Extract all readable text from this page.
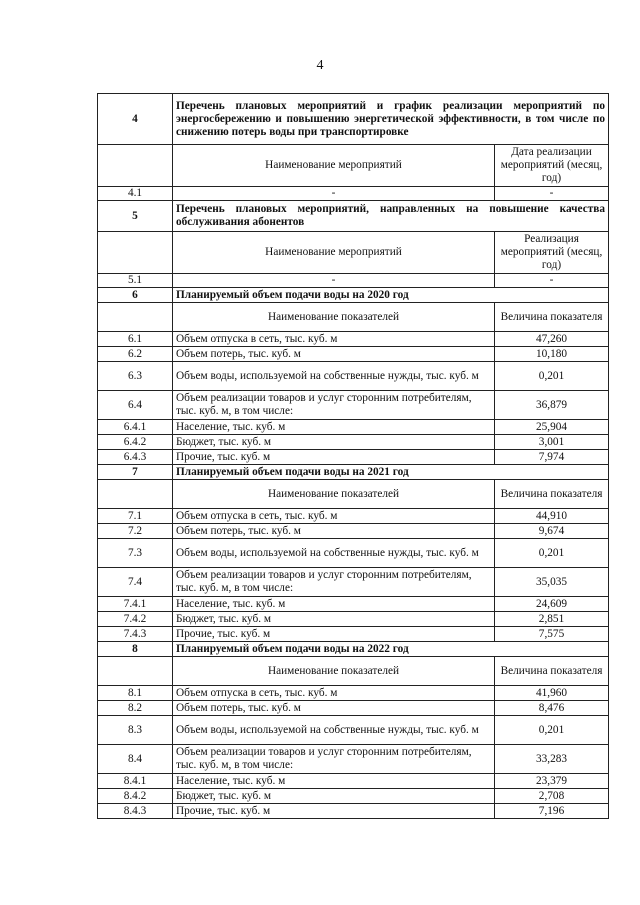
4
4	Перечень плановых мероприятий и график реализации мероприятий по энергосбережению и повышению энергетической эффективности, в том числе по снижению потерь воды при транспортировке	
	Наименование мероприятий	Дата реализации мероприятий (месяц, год)
4.1	-	-
5	Перечень плановых мероприятий, направленных на повышение качества обслуживания абонентов	
	Наименование мероприятий	Реализация мероприятий (месяц, год)
5.1	-	-
6	Планируемый объем подачи воды на 2020 год	
	Наименование показателей	Величина показателя
6.1	Объем отпуска в сеть, тыс. куб. м	47,260
6.2	Объем потерь, тыс. куб. м	10,180
6.3	Объем воды, используемой на собственные нужды, тыс. куб. м	0,201
6.4	Объем реализации товаров и услуг сторонним потребителям, тыс. куб. м, в том числе:	36,879
6.4.1	Население, тыс. куб. м	25,904
6.4.2	Бюджет, тыс. куб. м	3,001
6.4.3	Прочие, тыс. куб. м	7,974
7	Планируемый объем подачи воды на 2021 год	
	Наименование показателей	Величина показателя
7.1	Объем отпуска в сеть, тыс. куб. м	44,910
7.2	Объем потерь, тыс. куб. м	9,674
7.3	Объем воды, используемой на собственные нужды, тыс. куб. м	0,201
7.4	Объем реализации товаров и услуг сторонним потребителям, тыс. куб. м, в том числе:	35,035
7.4.1	Население, тыс. куб. м	24,609
7.4.2	Бюджет, тыс. куб. м	2,851
7.4.3	Прочие, тыс. куб. м	7,575
8	Планируемый объем подачи воды на 2022 год	
	Наименование показателей	Величина показателя
8.1	Объем отпуска в сеть, тыс. куб. м	41,960
8.2	Объем потерь, тыс. куб. м	8,476
8.3	Объем воды, используемой на собственные нужды, тыс. куб. м	0,201
8.4	Объем реализации товаров и услуг сторонним потребителям, тыс. куб. м, в том числе:	33,283
8.4.1	Население, тыс. куб. м	23,379
8.4.2	Бюджет, тыс. куб. м	2,708
8.4.3	Прочие, тыс. куб. м	7,196
